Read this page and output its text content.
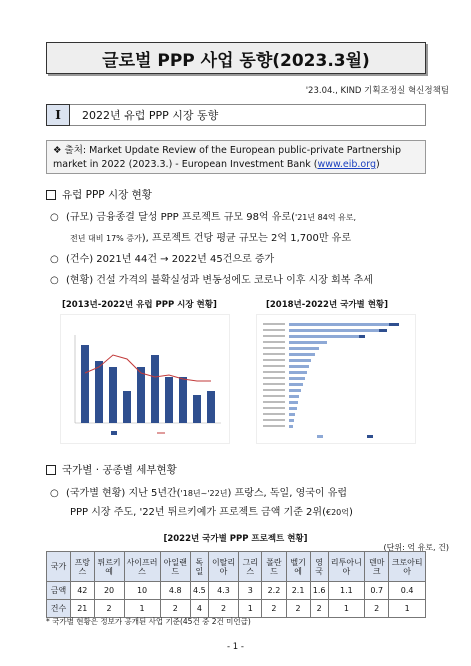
글로벌 PPP 사업 동향(2023.3월)
'23.04., KIND 기획조정실 혁신정책팀
Ⅰ	2022년 유럽 PPP 시장 동향
❖ 출처: Market Update Review of the European public-private Partnership
market in 2022 (2023.3.) - European Investment Bank (www.eib.org)
유럽 PPP 시장 현황
○ (규모) 금융종결 달성 PPP 프로젝트 규모 98억 유로('21년 84억 유로,
전년 대비 17% 증가), 프로젝트 건당 평균 규모는 2억 1,700만 유로
○ (건수) 2021년 44건 → 2022년 45건으로 증가
○ (현황) 건설 가격의 불확실성과 변동성에도 코로나 이후 시장 회복 추세
[2013년-2022년 유럽 PPP 시장 현황]	[2018년-2022년 국가별 현황]
국가별 · 공종별 세부현황
○ (국가별 현황) 지난 5년간('18년~'22년) 프랑스, 독일, 영국이 유럽
PPP 시장 주도, '22년 튀르키예가 프로젝트 금액 기준 2위(€20억)
[2022년 국가별 PPP 프로젝트 현황]
(단위: 억 유로, 건)
국가	프랑스	튀르키예	사이프러스	아일랜드	독일	이탈리아	그리스	폴란드	벨기에	영국	리투아니아	덴마크	크로아티아
금액	42	20	10	4.8	4.5	4.3	3	2.2	2.1	1.6	1.1	0.7	0.4
건수	21	2	1	2	4	2	1	2	2	2	1	2	1
* 국가별 현황은 정보가 공개된 사업 기준(45건 중 2건 미언급)
- 1 -
